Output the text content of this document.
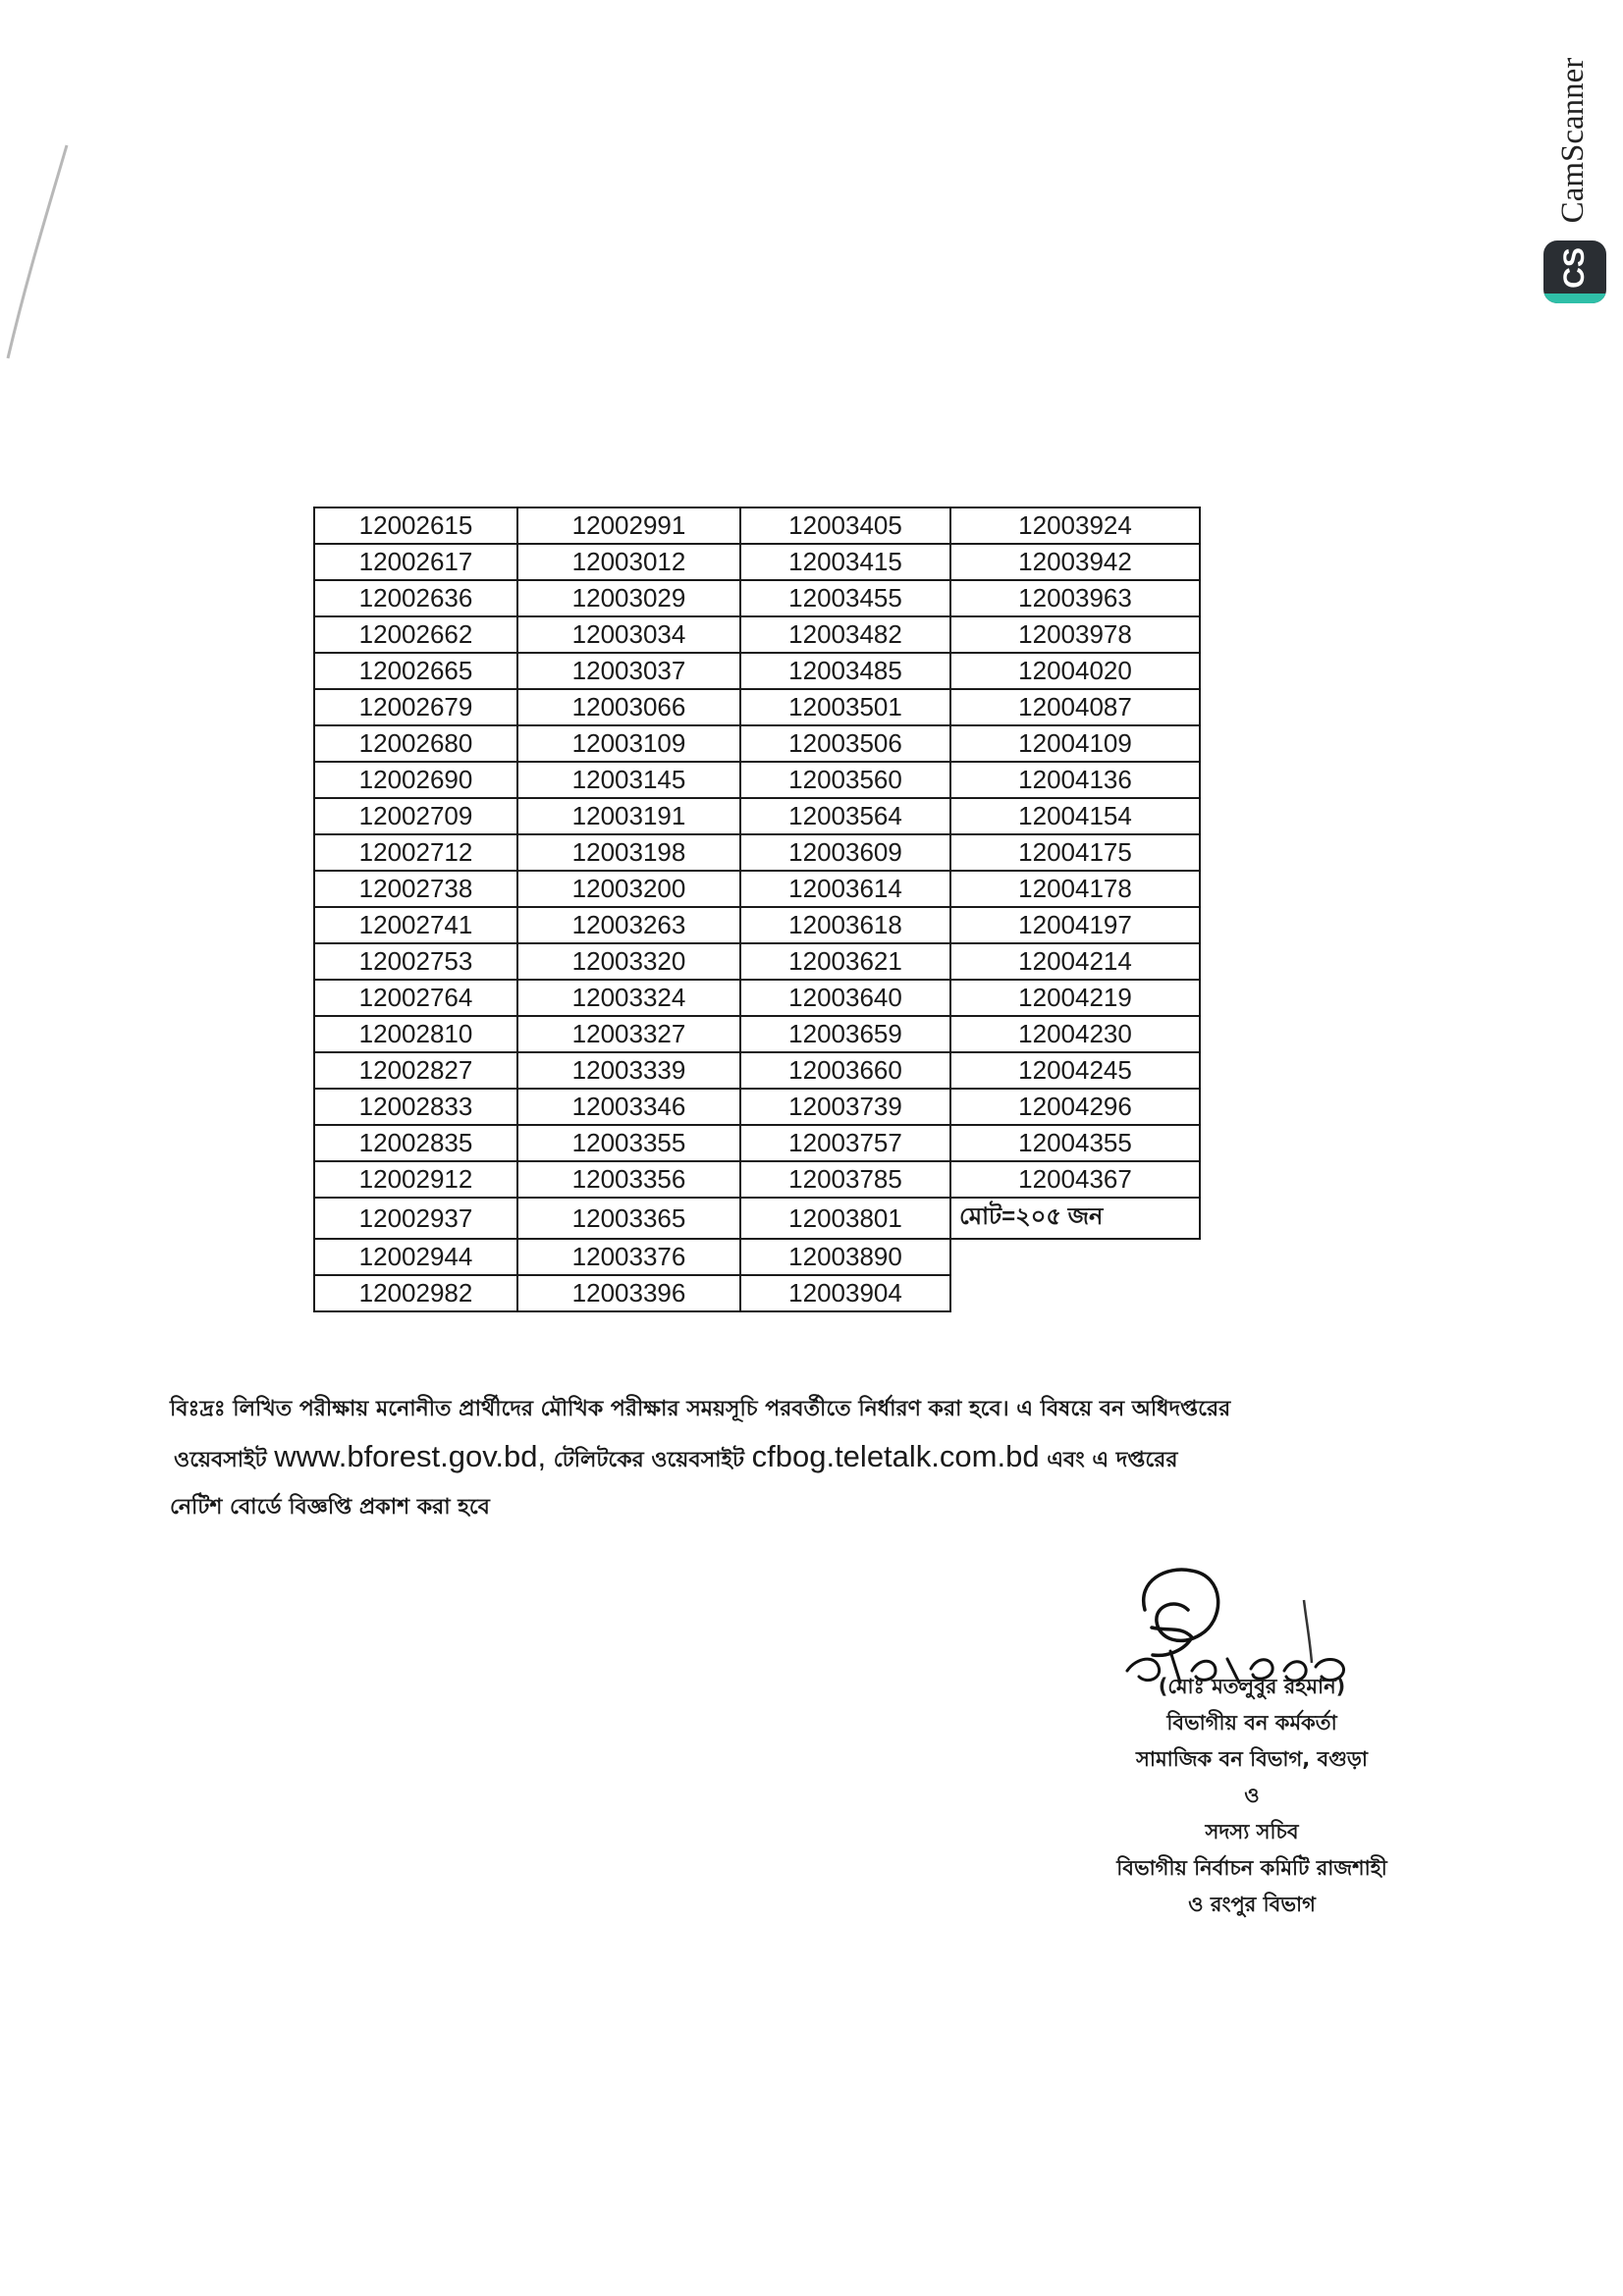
CamScanner
CS
12002615	12002991	12003405	12003924
12002617	12003012	12003415	12003942
12002636	12003029	12003455	12003963
12002662	12003034	12003482	12003978
12002665	12003037	12003485	12004020
12002679	12003066	12003501	12004087
12002680	12003109	12003506	12004109
12002690	12003145	12003560	12004136
12002709	12003191	12003564	12004154
12002712	12003198	12003609	12004175
12002738	12003200	12003614	12004178
12002741	12003263	12003618	12004197
12002753	12003320	12003621	12004214
12002764	12003324	12003640	12004219
12002810	12003327	12003659	12004230
12002827	12003339	12003660	12004245
12002833	12003346	12003739	12004296
12002835	12003355	12003757	12004355
12002912	12003356	12003785	12004367
12002937	12003365	12003801	মোট=২০৫ জন
12002944	12003376	12003890	
12002982	12003396	12003904	
বিঃদ্রঃ লিখিত পরীক্ষায় মনোনীত প্রার্থীদের মৌখিক পরীক্ষার সময়সূচি পরবর্তীতে নির্ধারণ করা হবে। এ বিষয়ে বন অধিদপ্তরের
ওয়েবসাইট www.bforest.gov.bd, টেলিটকের ওয়েবসাইট cfbog.teletalk.com.bd এবং এ দপ্তরের
নেটিশ বোর্ডে বিজ্ঞপ্তি প্রকাশ করা হবে
(মোঃ মতলুবুর রহমান)
বিভাগীয় বন কর্মকর্তা
সামাজিক বন বিভাগ, বগুড়া
ও
সদস্য সচিব
বিভাগীয় নির্বাচন কমিটি রাজশাহী
ও রংপুর বিভাগ
